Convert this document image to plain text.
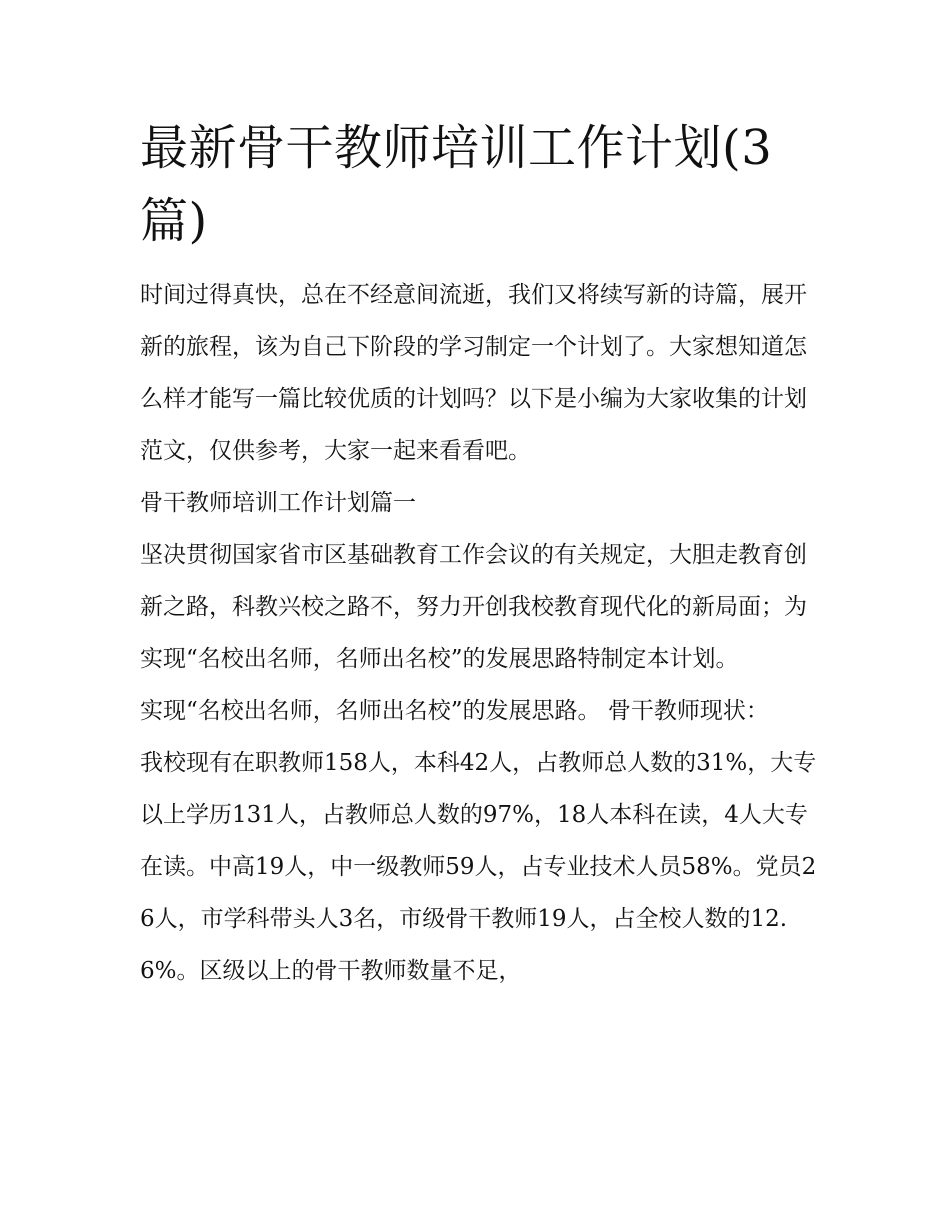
最新骨干教师培训工作计划(3篇)

时间过得真快，总在不经意间流逝，我们又将续写新的诗篇，展开新的旅程，该为自己下阶段的学习制定一个计划了。大家想知道怎么样才能写一篇比较优质的计划吗？以下是小编为大家收集的计划范文，仅供参考，大家一起来看看吧。

骨干教师培训工作计划篇一

坚决贯彻国家省市区基础教育工作会议的有关规定，大胆走教育创新之路，科教兴校之路不，努力开创我校教育现代化的新局面；为实现“名校出名师，名师出名校”的发展思路特制定本计划。

实现“名校出名师，名师出名校”的发展思路。 骨干教师现状：

我校现有在职教师158人，本科42人，占教师总人数的31%，大专以上学历131人，占教师总人数的97%，18人本科在读，4人大专在读。中高19人，中一级教师59人，占专业技术人员58%。党员26人，市学科带头人3名，市级骨干教师19人，占全校人数的12.6%。区级以上的骨干教师数量不足，
